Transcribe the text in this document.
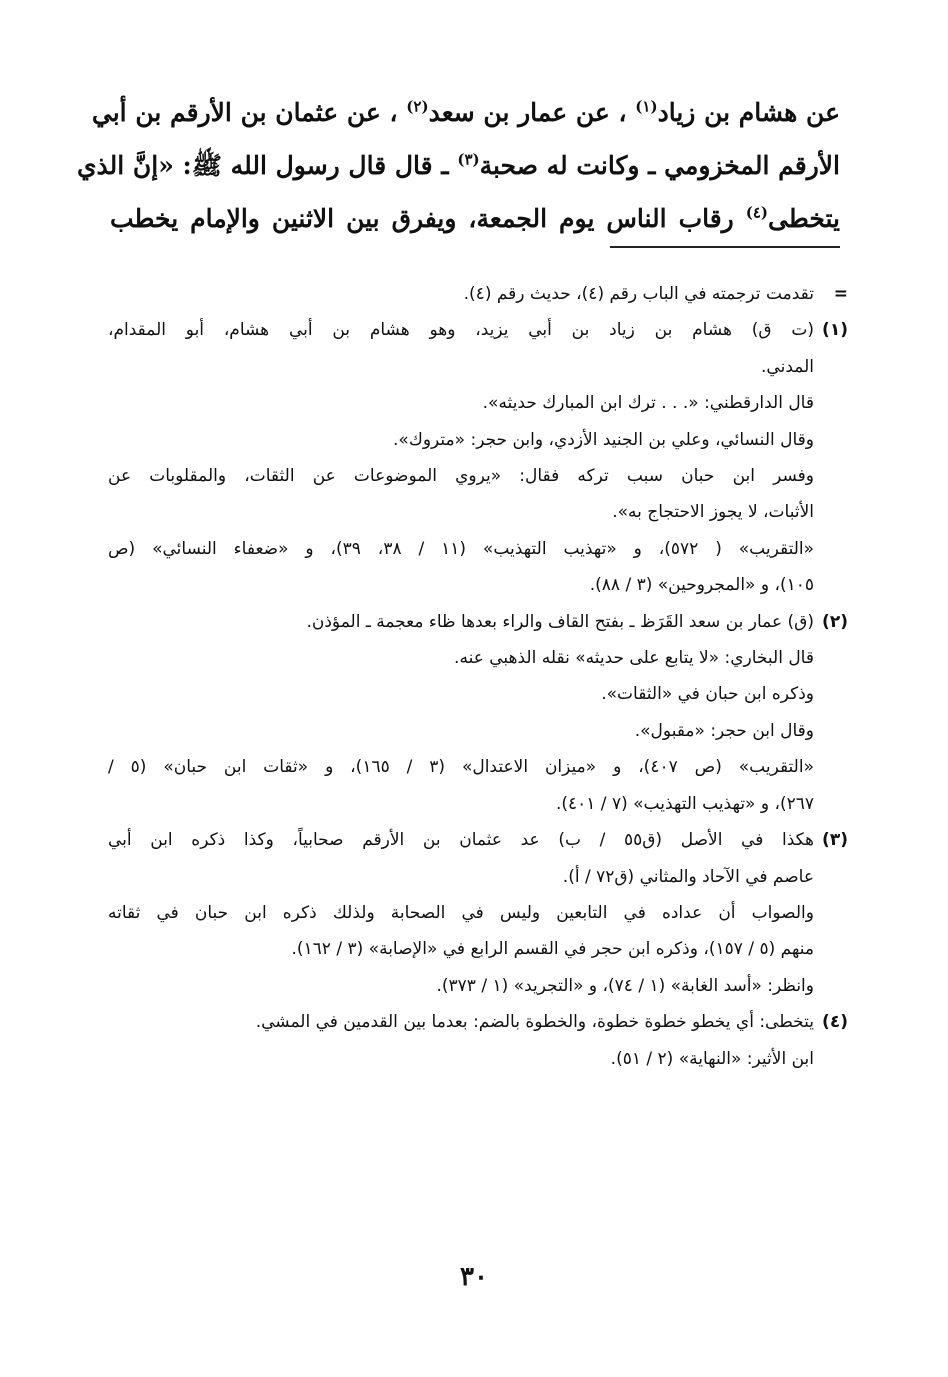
عن هشام بن زياد$^{(١)}$ ، عن عمار بن سعد$^{(٢)}$ ، عن عثمان بن الأرقم بن أبي
الأرقم المخزومي ـ وكانت له صحبة$^{(٣)}$ ـ قال قال رسول الله ﷺ: «إنَّ الذي
يتخطى$^{(٤)}$ رقاب الناس يوم الجمعة، ويفرق بين الاثنين والإمام يخطب
=
تقدمت ترجمته في الباب رقم (٤)، حديث رقم (٤).
(١)
(ت ق) هشام بن زياد بن أبي يزيد، وهو هشام بن أبي هشام، أبو المقدام،
المدني.
قال الدارقطني: «. . . ترك ابن المبارك حديثه».
وقال النسائي، وعلي بن الجنيد الأزدي، وابن حجر: «متروك».
وفسر ابن حبان سبب تركه فقال: «يروي الموضوعات عن الثقات، والمقلوبات عن
الأثبات، لا يجوز الاحتجاج به».
«التقريب» ( ٥٧٢)، و «تهذيب التهذيب» (١١ / ٣٨، ٣٩)، و «ضعفاء النسائي» (ص
١٠٥)، و «المجروحين» (٣ / ٨٨).
(٢)
(ق) عمار بن سعد القَرَظ ـ بفتح القاف والراء بعدها ظاء معجمة ـ المؤذن.
قال البخاري: «لا يتابع على حديثه» نقله الذهبي عنه.
وذكره ابن حبان في «الثقات».
وقال ابن حجر: «مقبول».
«التقريب» (ص ٤٠٧)، و «ميزان الاعتدال» (٣ / ١٦٥)، و «ثقات ابن حبان» (٥ /
٢٦٧)، و «تهذيب التهذيب» (٧ / ٤٠١).
(٣)
هكذا في الأصل (ق٥٥ / ب) عد عثمان بن الأرقم صحابياً، وكذا ذكره ابن أبي
عاصم في الآحاد والمثاني (ق٧٢ / أ).
والصواب أن عداده في التابعين وليس في الصحابة ولذلك ذكره ابن حبان في ثقاته
منهم (٥ / ١٥٧)، وذكره ابن حجر في القسم الرابع في «الإصابة» (٣ / ١٦٢).
وانظر: «أسد الغابة» (١ / ٧٤)، و «التجريد» (١ / ٣٧٣).
(٤)
يتخطى: أي يخطو خطوة خطوة، والخطوة بالضم: بعدما بين القدمين في المشي.
ابن الأثير: «النهاية» (٢ / ٥١).
٣٠
